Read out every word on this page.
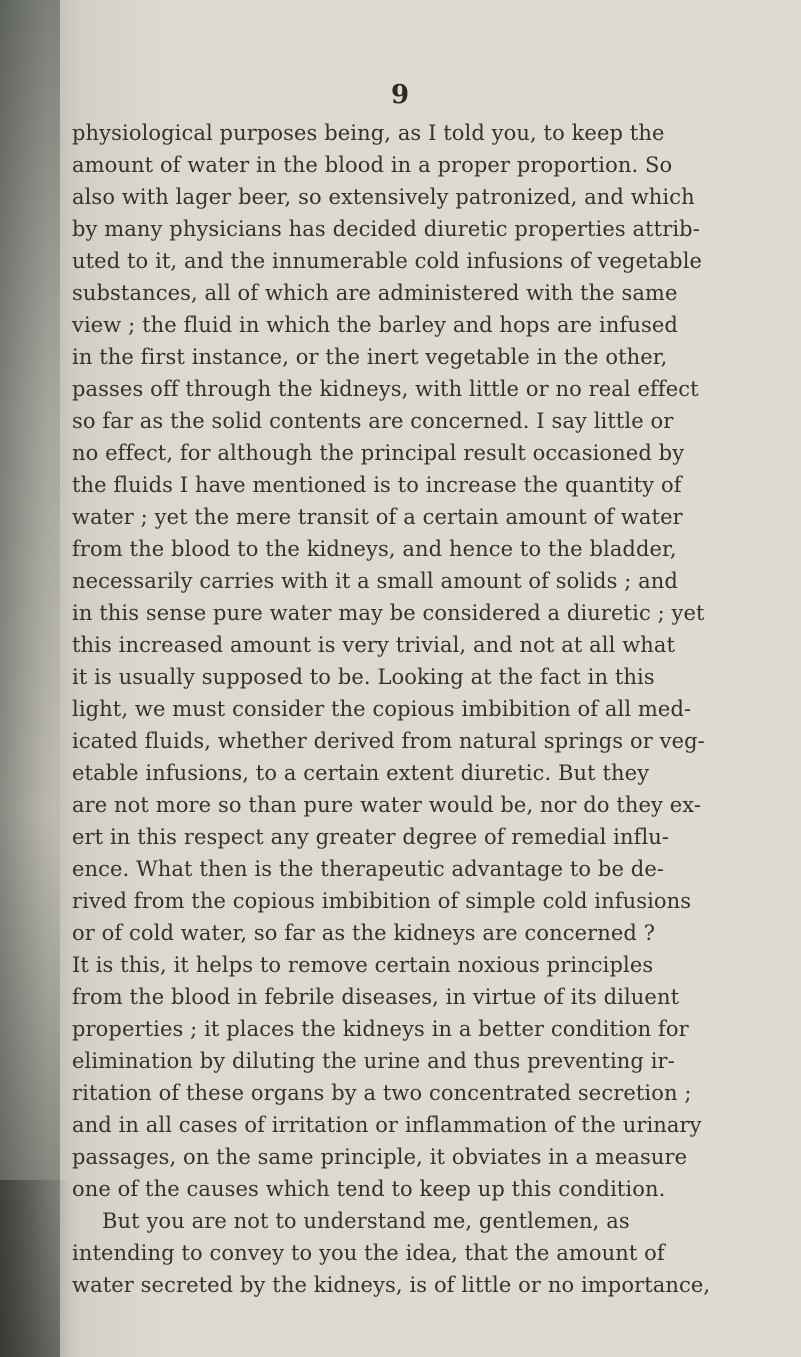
9
physiological purposes being, as I told you, to keep the
amount of water in the blood in a proper proportion. So
also with lager beer, so extensively patronized, and which
by many physicians has decided diuretic properties attrib-
uted to it, and the innumerable cold infusions of vegetable
substances, all of which are administered with the same
view ; the fluid in which the barley and hops are infused
in the first instance, or the inert vegetable in the other,
passes off through the kidneys, with little or no real effect
so far as the solid contents are concerned. I say little or
no effect, for although the principal result occasioned by
the fluids I have mentioned is to increase the quantity of
water ; yet the mere transit of a certain amount of water
from the blood to the kidneys, and hence to the bladder,
necessarily carries with it a small amount of solids ; and
in this sense pure water may be considered a diuretic ; yet
this increased amount is very trivial, and not at all what
it is usually supposed to be. Looking at the fact in this
light, we must consider the copious imbibition of all med-
icated fluids, whether derived from natural springs or veg-
etable infusions, to a certain extent diuretic. But they
are not more so than pure water would be, nor do they ex-
ert in this respect any greater degree of remedial influ-
ence. What then is the therapeutic advantage to be de-
rived from the copious imbibition of simple cold infusions
or of cold water, so far as the kidneys are concerned ?
It is this, it helps to remove certain noxious principles
from the blood in febrile diseases, in virtue of its diluent
properties ; it places the kidneys in a better condition for
elimination by diluting the urine and thus preventing ir-
ritation of these organs by a two concentrated secretion ;
and in all cases of irritation or inflammation of the urinary
passages, on the same principle, it obviates in a measure
one of the causes which tend to keep up this condition.
But you are not to understand me, gentlemen, as
intending to convey to you the idea, that the amount of
water secreted by the kidneys, is of little or no importance,
